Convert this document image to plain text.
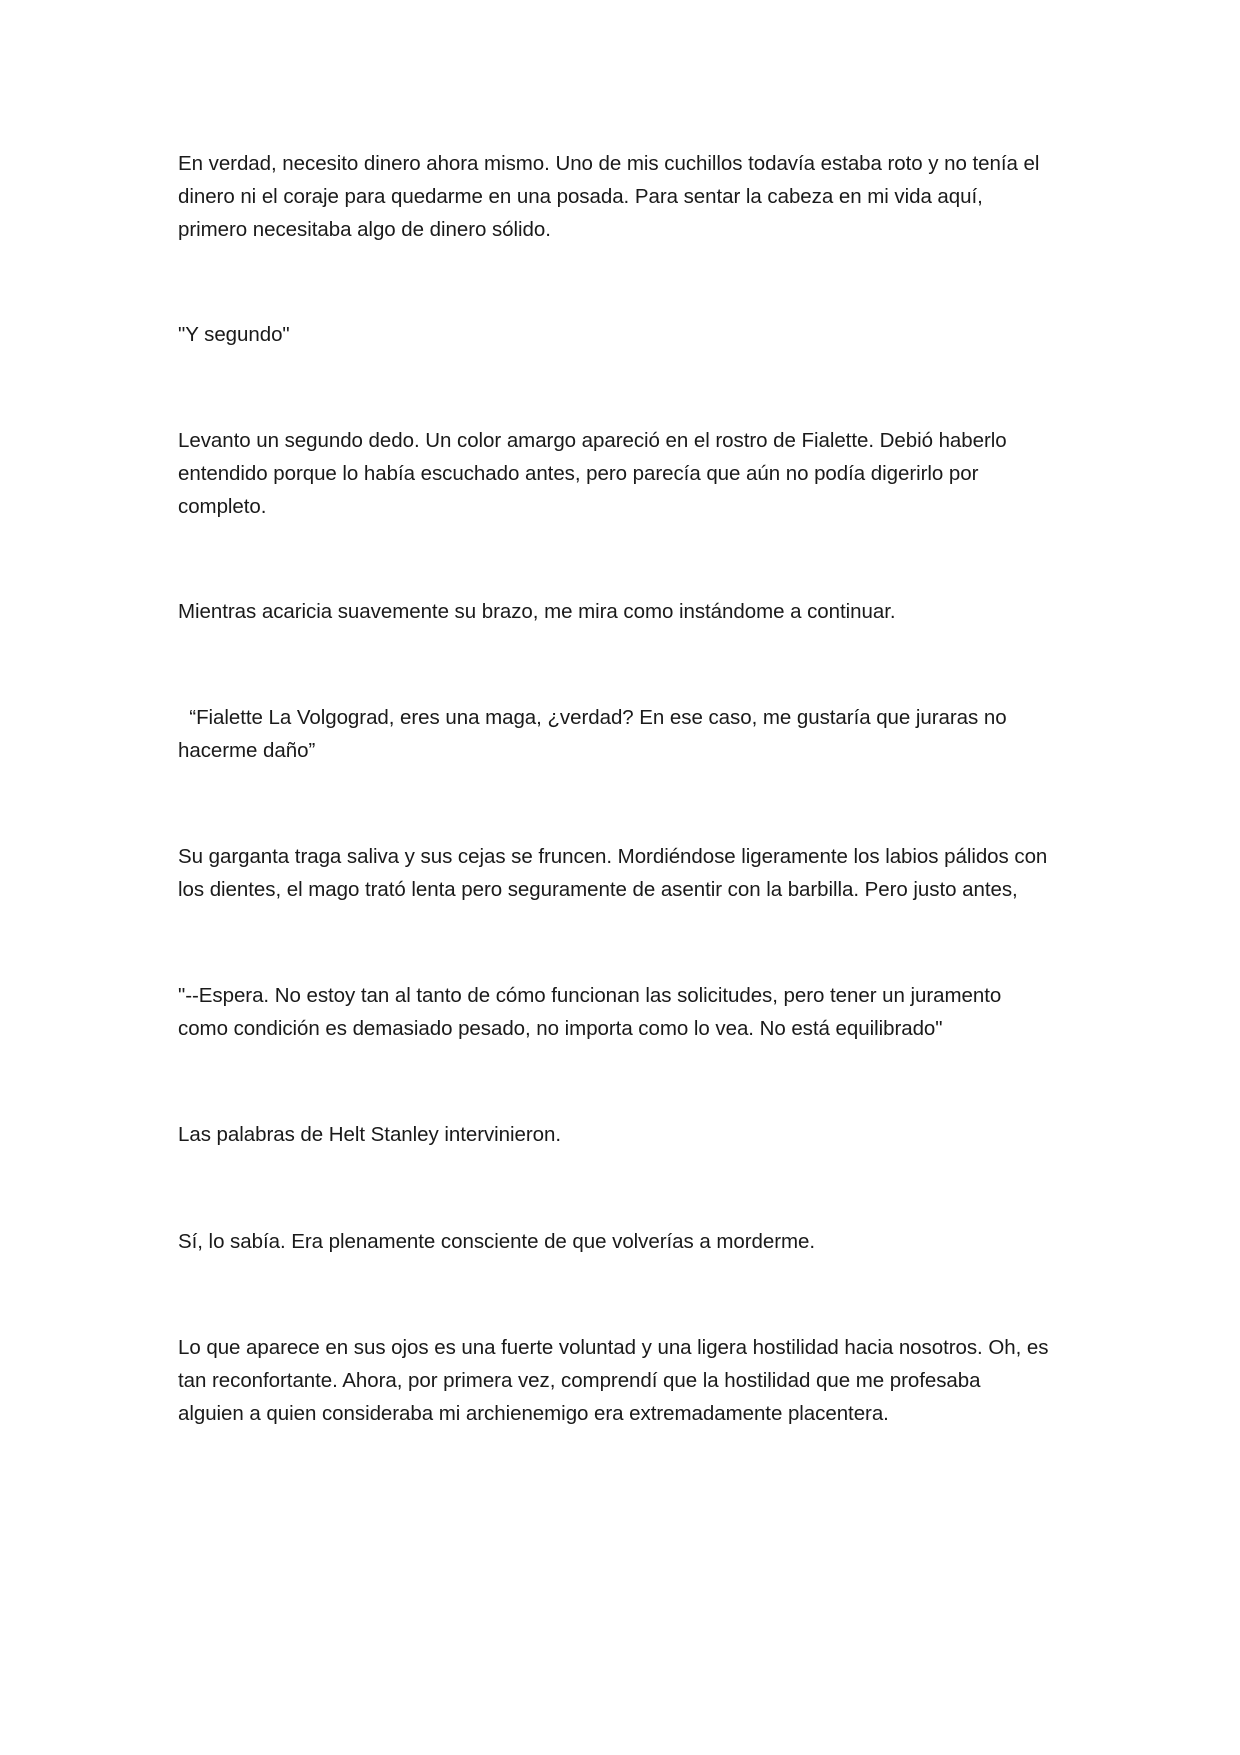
En verdad, necesito dinero ahora mismo. Uno de mis cuchillos todavía estaba roto y no tenía el
dinero ni el coraje para quedarme en una posada. Para sentar la cabeza en mi vida aquí,
primero necesitaba algo de dinero sólido.

"Y segundo"

Levanto un segundo dedo. Un color amargo apareció en el rostro de Fialette. Debió haberlo
entendido porque lo había escuchado antes, pero parecía que aún no podía digerirlo por
completo.

Mientras acaricia suavemente su brazo, me mira como instándome a continuar.

“Fialette La Volgograd, eres una maga, ¿verdad? En ese caso, me gustaría que juraras no
hacerme daño”

Su garganta traga saliva y sus cejas se fruncen. Mordiéndose ligeramente los labios pálidos con
los dientes, el mago trató lenta pero seguramente de asentir con la barbilla. Pero justo antes,

"--Espera. No estoy tan al tanto de cómo funcionan las solicitudes, pero tener un juramento
como condición es demasiado pesado, no importa como lo vea. No está equilibrado"

Las palabras de Helt Stanley intervinieron.

Sí, lo sabía. Era plenamente consciente de que volverías a morderme.

Lo que aparece en sus ojos es una fuerte voluntad y una ligera hostilidad hacia nosotros. Oh, es
tan reconfortante. Ahora, por primera vez, comprendí que la hostilidad que me profesaba
alguien a quien consideraba mi archienemigo era extremadamente placentera.
